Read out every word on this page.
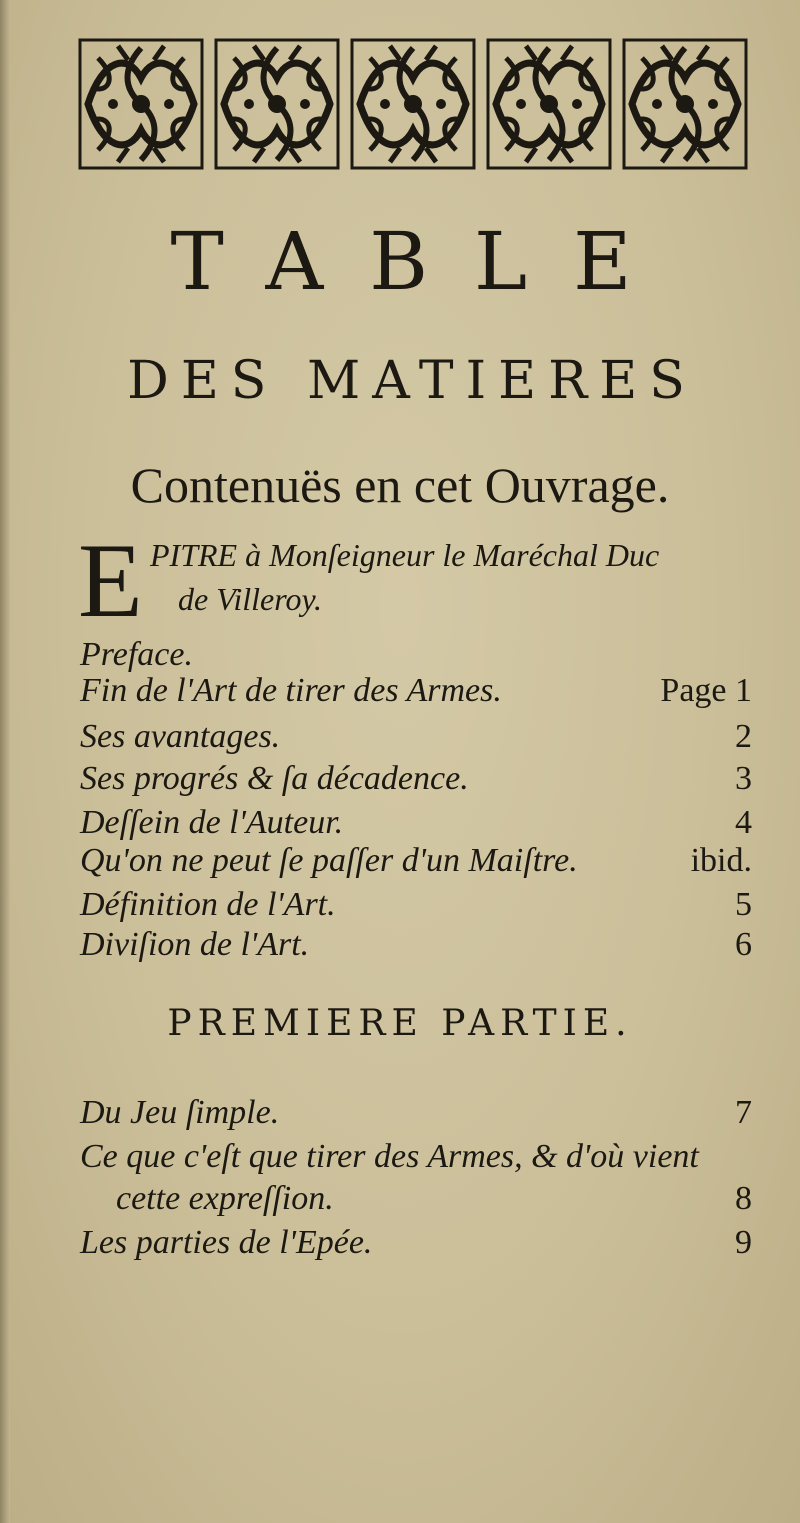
TABLE
DES MATIERES
Contenuës en cet Ouvrage.
E PITRE à Monſeigneur le Maréchal Duc
de Villeroy.
Preface.
Fin de l'Art de tirer des Armes.	Page 1
Ses avantages.	2
Ses progrés & ſa décadence.	3
Deſſein de l'Auteur.	4
Qu'on ne peut ſe paſſer d'un Maiſtre.	ibid.
Définition de l'Art.	5
Diviſion de l'Art.	6
PREMIERE PARTIE.
Du Jeu ſimple.	7
Ce que c'eſt que tirer des Armes, & d'où vient
cette expreſſion.	8
Les parties de l'Epée.	9
